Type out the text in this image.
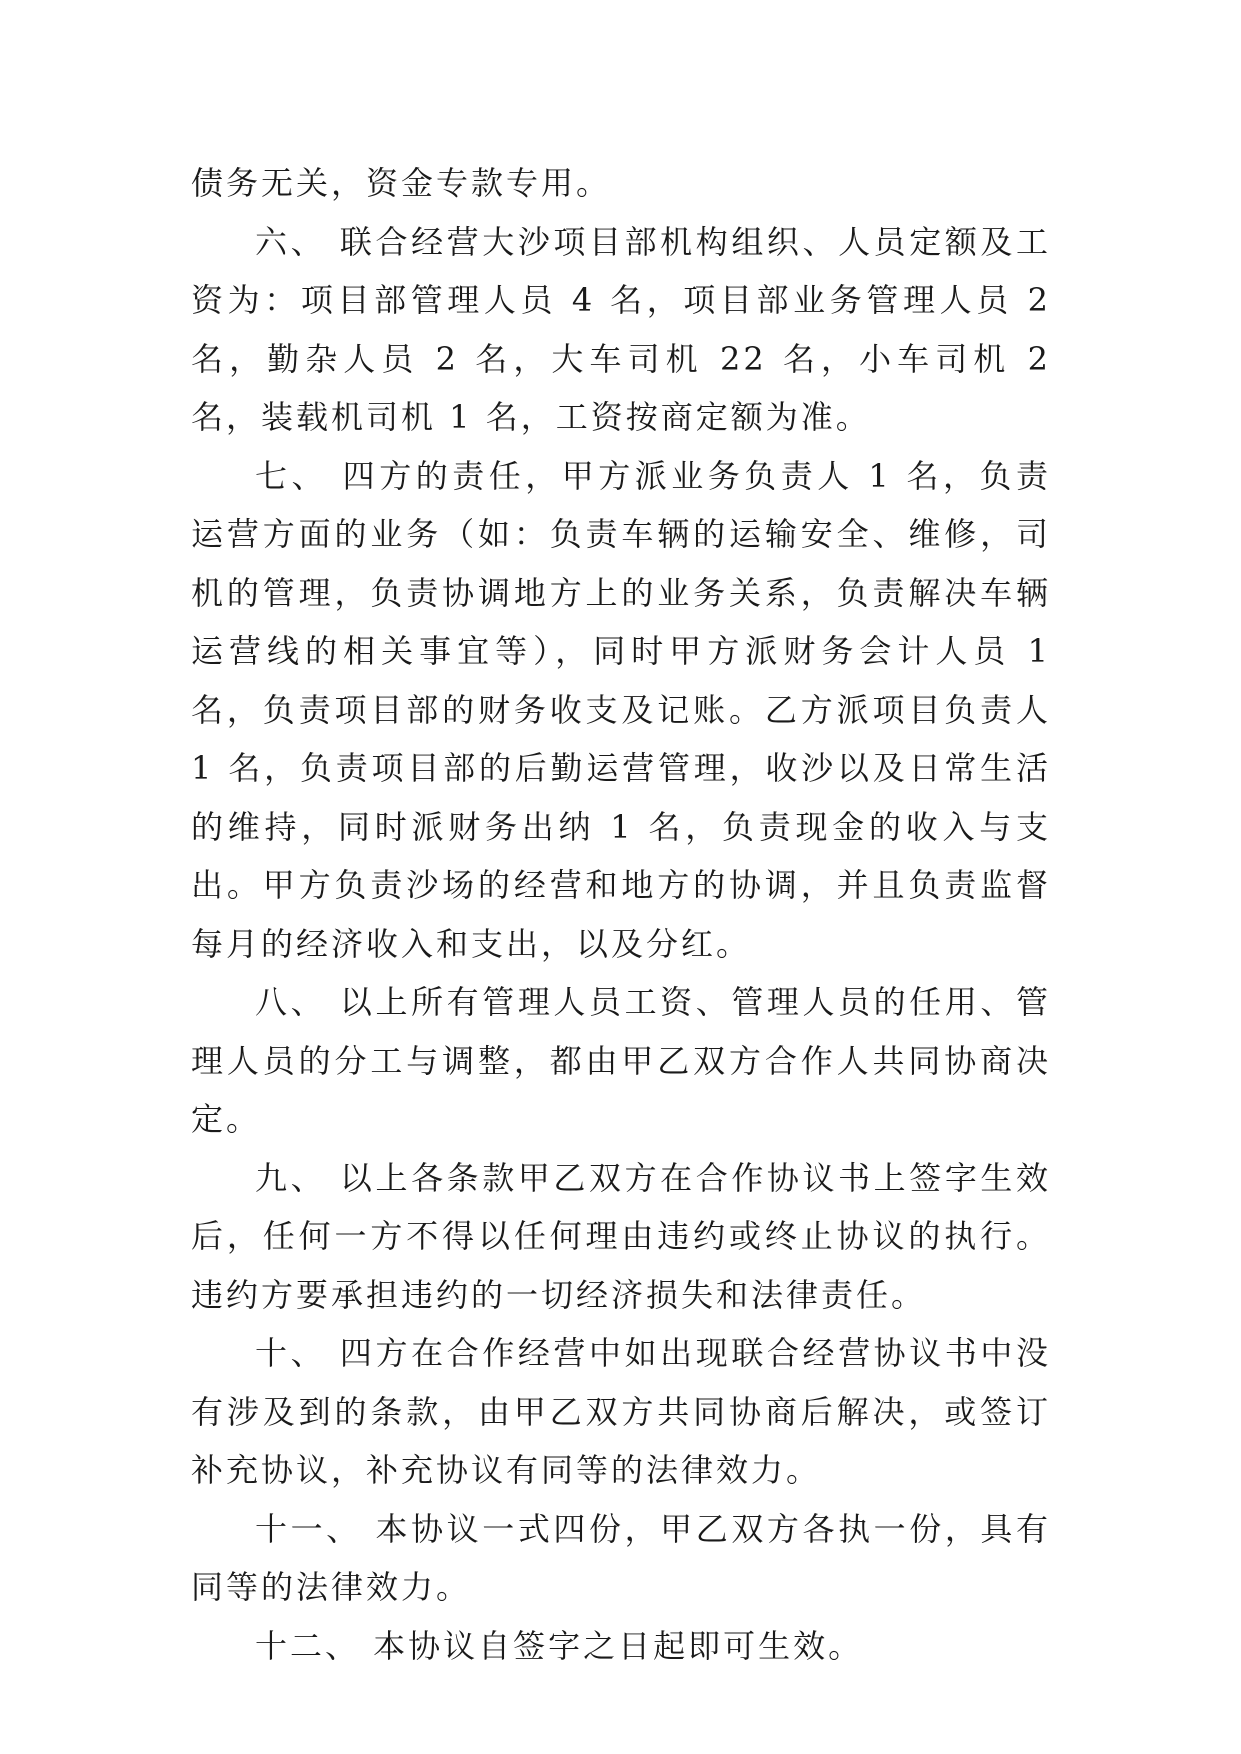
债务无关，资金专款专用。

六、 联合经营大沙项目部机构组织、人员定额及工资为：项目部管理人员 4 名，项目部业务管理人员 2 名，勤杂人员 2 名，大车司机 22 名，小车司机 2 名，装载机司机 1 名，工资按商定额为准。

七、 四方的责任，甲方派业务负责人 1 名，负责运营方面的业务（如：负责车辆的运输安全、维修，司机的管理，负责协调地方上的业务关系，负责解决车辆运营线的相关事宜等），同时甲方派财务会计人员 1 名，负责项目部的财务收支及记账。乙方派项目负责人 1 名，负责项目部的后勤运营管理，收沙以及日常生活的维持，同时派财务出纳 1 名，负责现金的收入与支出。甲方负责沙场的经营和地方的协调，并且负责监督每月的经济收入和支出，以及分红。

八、 以上所有管理人员工资、管理人员的任用、管理人员的分工与调整，都由甲乙双方合作人共同协商决定。

九、 以上各条款甲乙双方在合作协议书上签字生效后，任何一方不得以任何理由违约或终止协议的执行。违约方要承担违约的一切经济损失和法律责任。

十、 四方在合作经营中如出现联合经营协议书中没有涉及到的条款，由甲乙双方共同协商后解决，或签订补充协议，补充协议有同等的法律效力。

十一、 本协议一式四份，甲乙双方各执一份，具有同等的法律效力。

十二、 本协议自签字之日起即可生效。
